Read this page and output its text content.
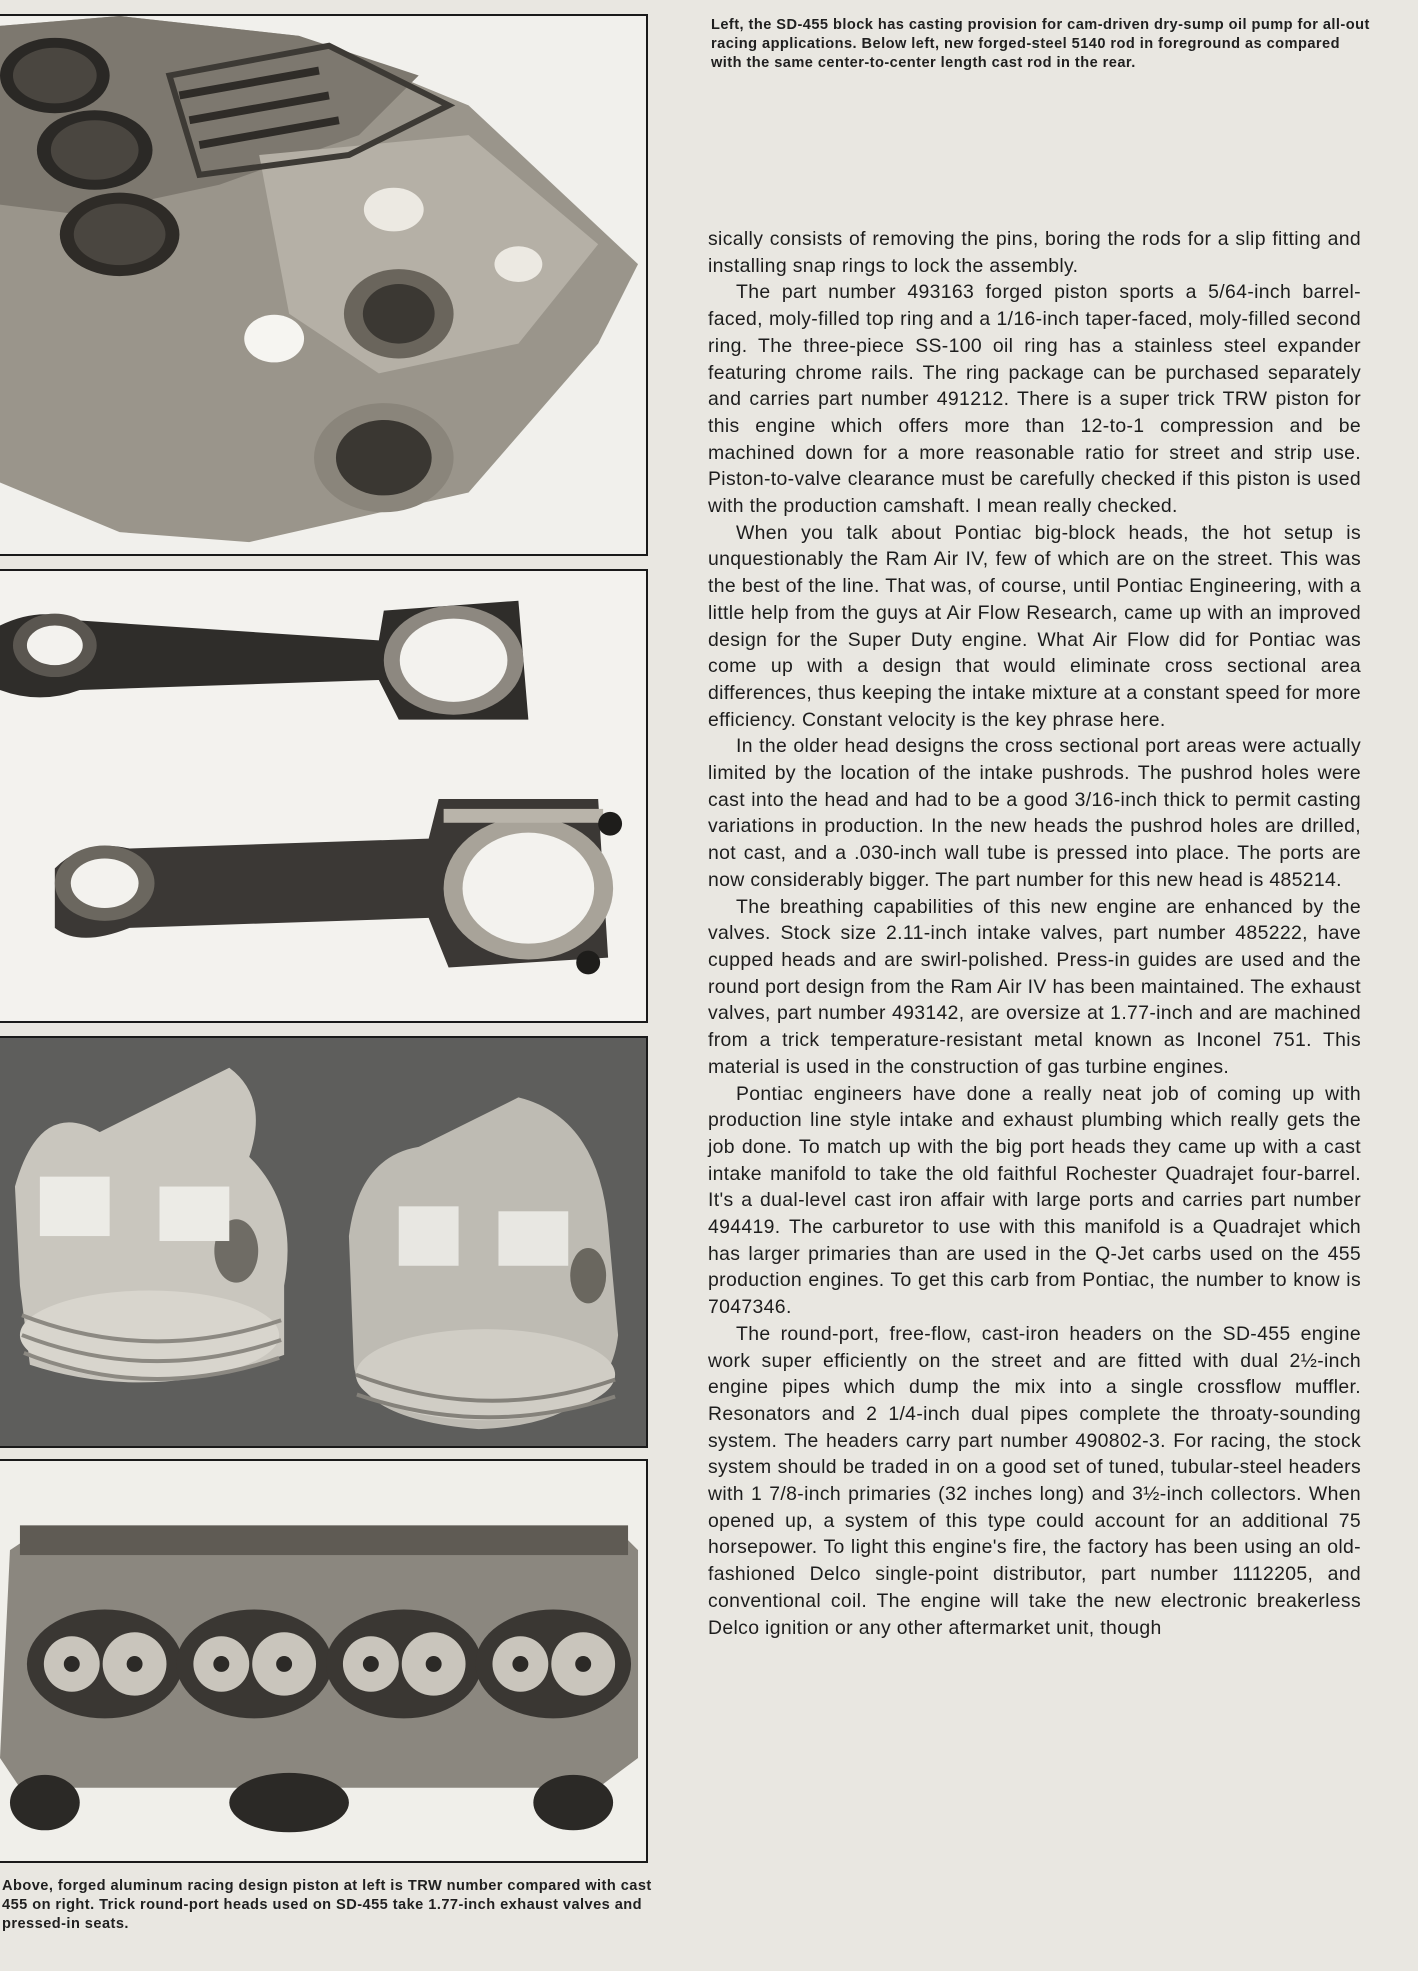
Left, the SD-455 block has casting provision for cam-driven dry-sump oil pump for all-out racing applications. Below left, new forged-steel 5140 rod in foreground as compared with the same center-to-center length cast rod in the rear.

sically consists of removing the pins, boring the rods for a slip fitting and installing snap rings to lock the assembly.

The part number 493163 forged piston sports a 5/64-inch barrel-faced, moly-filled top ring and a 1/16-inch taper-faced, moly-filled second ring. The three-piece SS-100 oil ring has a stainless steel expander featuring chrome rails. The ring package can be purchased separately and carries part number 491212. There is a super trick TRW piston for this engine which offers more than 12-to-1 compression and be machined down for a more reasonable ratio for street and strip use. Piston-to-valve clearance must be carefully checked if this piston is used with the production camshaft. I mean really checked.

When you talk about Pontiac big-block heads, the hot setup is unquestionably the Ram Air IV, few of which are on the street. This was the best of the line. That was, of course, until Pontiac Engineering, with a little help from the guys at Air Flow Research, came up with an improved design for the Super Duty engine. What Air Flow did for Pontiac was come up with a design that would eliminate cross sectional area differences, thus keeping the intake mixture at a constant speed for more efficiency. Constant velocity is the key phrase here.

In the older head designs the cross sectional port areas were actually limited by the location of the intake pushrods. The pushrod holes were cast into the head and had to be a good 3/16-inch thick to permit casting variations in production. In the new heads the pushrod holes are drilled, not cast, and a .030-inch wall tube is pressed into place. The ports are now considerably bigger. The part number for this new head is 485214.

The breathing capabilities of this new engine are enhanced by the valves. Stock size 2.11-inch intake valves, part number 485222, have cupped heads and are swirl-polished. Press-in guides are used and the round port design from the Ram Air IV has been maintained. The exhaust valves, part number 493142, are oversize at 1.77-inch and are machined from a trick temperature-resistant metal known as Inconel 751. This material is used in the construction of gas turbine engines.

Pontiac engineers have done a really neat job of coming up with production line style intake and exhaust plumbing which really gets the job done. To match up with the big port heads they came up with a cast intake manifold to take the old faithful Rochester Quadrajet four-barrel. It's a dual-level cast iron affair with large ports and carries part number 494419. The carburetor to use with this manifold is a Quadrajet which has larger primaries than are used in the Q-Jet carbs used on the 455 production engines. To get this carb from Pontiac, the number to know is 7047346.

The round-port, free-flow, cast-iron headers on the SD-455 engine work super efficiently on the street and are fitted with dual 2½-inch engine pipes which dump the mix into a single crossflow muffler. Resonators and 2 1/4-inch dual pipes complete the throaty-sounding system. The headers carry part number 490802-3. For racing, the stock system should be traded in on a good set of tuned, tubular-steel headers with 1 7/8-inch primaries (32 inches long) and 3½-inch collectors. When opened up, a system of this type could account for an additional 75 horsepower. To light this engine's fire, the factory has been using an old-fashioned Delco single-point distributor, part number 1112205, and conventional coil. The engine will take the new electronic breakerless Delco ignition or any other aftermarket unit, though

Above, forged aluminum racing design piston at left is TRW number compared with cast 455 on right. Trick round-port heads used on SD-455 take 1.77-inch exhaust valves and pressed-in seats.
